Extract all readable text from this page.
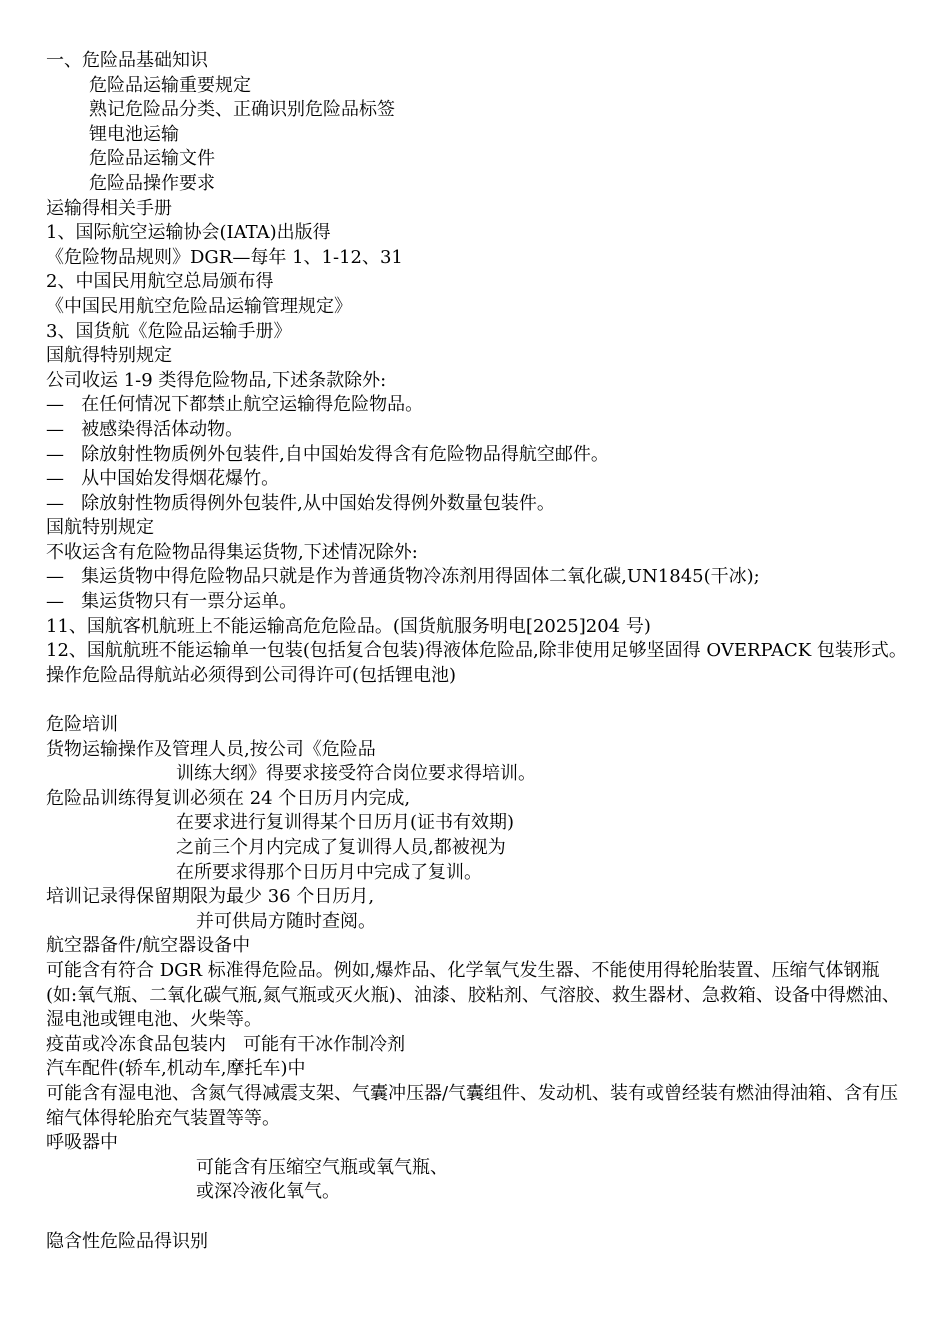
一、危险品基础知识

危险品运输重要规定

熟记危险品分类、正确识别危险品标签

锂电池运输

危险品运输文件

危险品操作要求

运输得相关手册

1、国际航空运输协会(IATA)出版得

《危险物品规则》DGR—每年 1、1-12、31

2、中国民用航空总局颁布得

《中国民用航空危险品运输管理规定》

3、国货航《危险品运输手册》

国航得特别规定

公司收运 1-9 类得危险物品,下述条款除外:

—   在任何情况下都禁止航空运输得危险物品。

—   被感染得活体动物。

—   除放射性物质例外包装件,自中国始发得含有危险物品得航空邮件。

—   从中国始发得烟花爆竹。

—   除放射性物质得例外包装件,从中国始发得例外数量包装件。

国航特别规定

不收运含有危险物品得集运货物,下述情况除外:

—   集运货物中得危险物品只就是作为普通货物冷冻剂用得固体二氧化碳,UN1845(干冰);

—   集运货物只有一票分运单。

11、国航客机航班上不能运输高危危险品。(国货航服务明电[2025]204 号)

12、国航航班不能运输单一包装(包括复合包装)得液体危险品,除非使用足够坚固得 OVERPACK 包装形式。

操作危险品得航站必须得到公司得许可(包括锂电池)

危险培训

货物运输操作及管理人员,按公司《危险品

训练大纲》得要求接受符合岗位要求得培训。

危险品训练得复训必须在 24 个日历月内完成,

在要求进行复训得某个日历月(证书有效期)

之前三个月内完成了复训得人员,都被视为

在所要求得那个日历月中完成了复训。

培训记录得保留期限为最少 36 个日历月,

并可供局方随时查阅。

航空器备件/航空器设备中

可能含有符合 DGR 标准得危险品。例如,爆炸品、化学氧气发生器、不能使用得轮胎装置、压缩气体钢瓶(如:氧气瓶、二氧化碳气瓶,氮气瓶或灭火瓶)、油漆、胶粘剂、气溶胶、救生器材、急救箱、设备中得燃油、湿电池或锂电池、火柴等。

疫苗或冷冻食品包装内   可能有干冰作制冷剂

汽车配件(轿车,机动车,摩托车)中

可能含有湿电池、含氮气得减震支架、气囊冲压器/气囊组件、发动机、装有或曾经装有燃油得油箱、含有压缩气体得轮胎充气装置等等。

呼吸器中

可能含有压缩空气瓶或氧气瓶、

或深冷液化氧气。

隐含性危险品得识别
